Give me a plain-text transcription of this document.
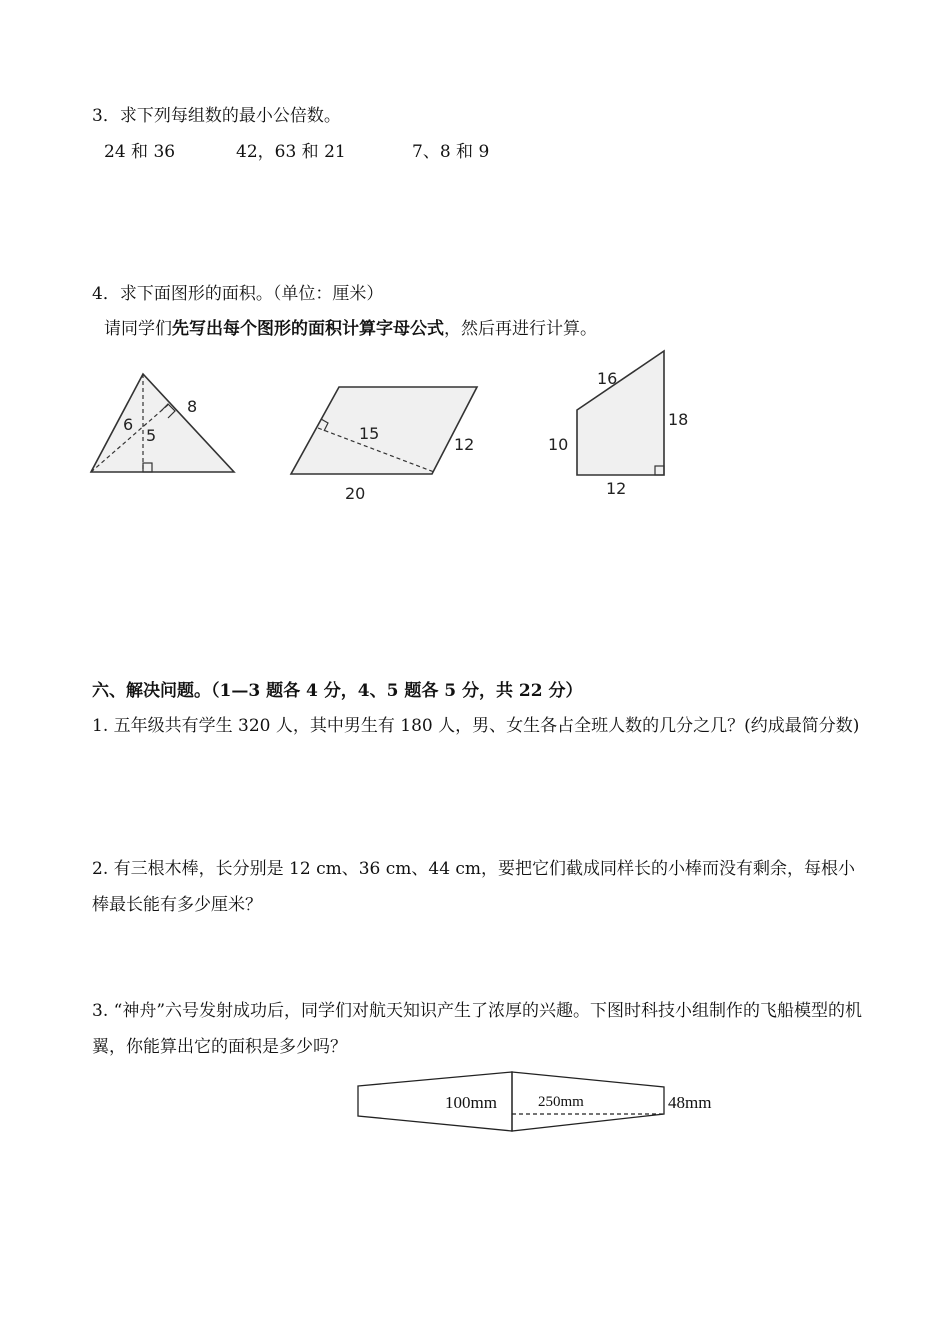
3．求下列每组数的最小公倍数。
24 和 36	42，63 和 21	7、8 和 9
4．求下面图形的面积。（单位：厘米）
请同学们先写出每个图形的面积计算字母公式，然后再进行计算。
6
5
8
15
12
20
16
18
10
12
100mm	250mm	48mm
六、解决问题。（1—3 题各 4 分，4、5 题各 5 分，共 22 分）
1. 五年级共有学生 320 人，其中男生有 180 人，男、女生各占全班人数的几分之几？(约成最简分数)
2. 有三根木棒，长分别是 12 cm、36 cm、44 cm，要把它们截成同样长的小棒而没有剩余，每根小棒最长能有多少厘米？
3. “神舟”六号发射成功后，同学们对航天知识产生了浓厚的兴趣。下图时科技小组制作的飞船模型的机翼，你能算出它的面积是多少吗？
